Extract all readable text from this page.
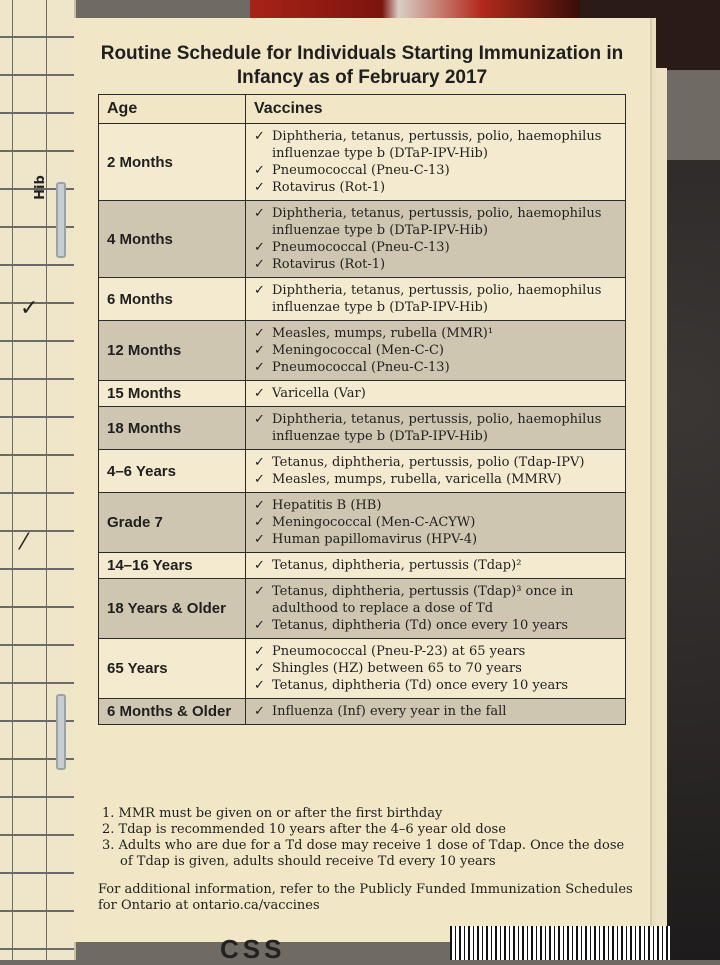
Hib
✓
⁄
Routine Schedule for Individuals Starting Immunization in Infancy as of February 2017
Age	Vaccines
2 Months	✓ Diphtheria, tetanus, pertussis, polio, haemophilus influenzae type b (DTaP-IPV-Hib)
✓ Pneumococcal (Pneu-C-13)
✓ Rotavirus (Rot-1)

4 Months	✓ Diphtheria, tetanus, pertussis, polio, haemophilus influenzae type b (DTaP-IPV-Hib)
✓ Pneumococcal (Pneu-C-13)
✓ Rotavirus (Rot-1)

6 Months	✓ Diphtheria, tetanus, pertussis, polio, haemophilus influenzae type b (DTaP-IPV-Hib)

12 Months	✓ Measles, mumps, rubella (MMR)¹
✓ Meningococcal (Men-C-C)
✓ Pneumococcal (Pneu-C-13)

15 Months	✓ Varicella (Var)

18 Months	✓ Diphtheria, tetanus, pertussis, polio, haemophilus influenzae type b (DTaP-IPV-Hib)

4–6 Years	✓ Tetanus, diphtheria, pertussis, polio (Tdap-IPV)
✓ Measles, mumps, rubella, varicella (MMRV)

Grade 7	✓ Hepatitis B (HB)
✓ Meningococcal (Men-C-ACYW)
✓ Human papillomavirus (HPV-4)

14–16 Years	✓ Tetanus, diphtheria, pertussis (Tdap)²

18 Years & Older	✓ Tetanus, diphtheria, pertussis (Tdap)³ once in adulthood to replace a dose of Td
✓ Tetanus, diphtheria (Td) once every 10 years

65 Years	✓ Pneumococcal (Pneu-P-23) at 65 years
✓ Shingles (HZ) between 65 to 70 years
✓ Tetanus, diphtheria (Td) once every 10 years

6 Months & Older	✓ Influenza (Inf) every year in the fall
1. MMR must be given on or after the first birthday
2. Tdap is recommended 10 years after the 4–6 year old dose
3. Adults who are due for a Td dose may receive 1 dose of Tdap. Once the dose of Tdap is given, adults should receive Td every 10 years
For additional information, refer to the Publicly Funded Immunization Schedules for Ontario at ontario.ca/vaccines
CSS
